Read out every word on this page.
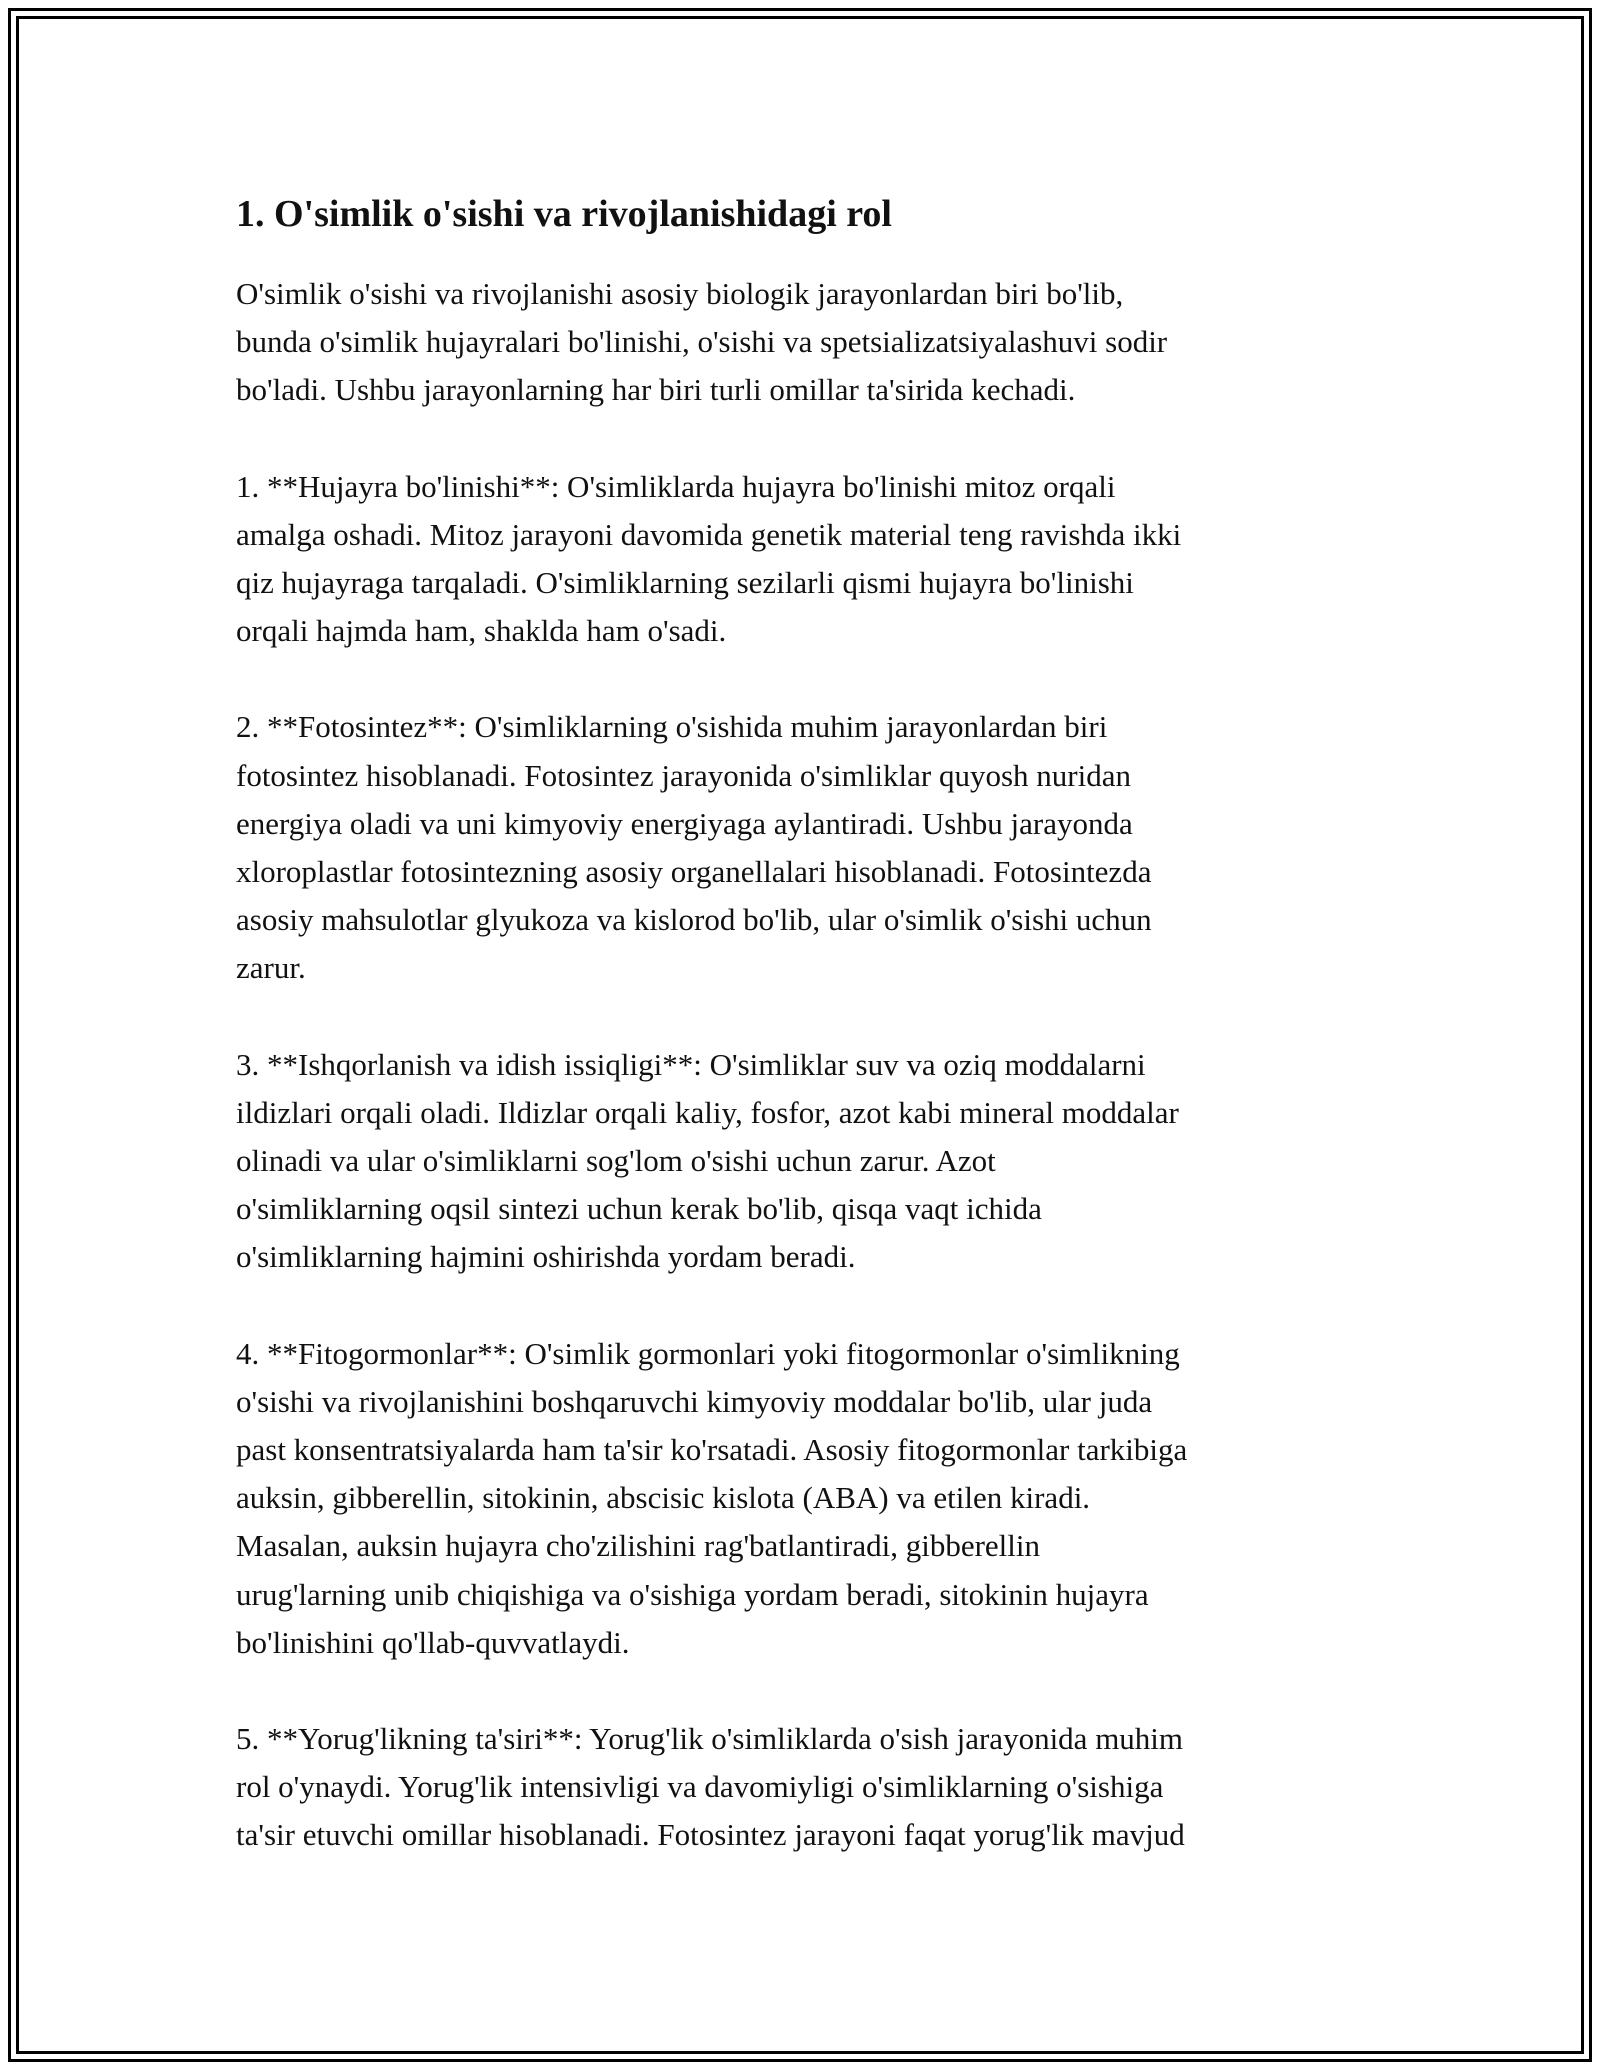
1. O'simlik o'sishi va rivojlanishidagi rol

O'simlik o'sishi va rivojlanishi asosiy biologik jarayonlardan biri bo'lib,
bunda o'simlik hujayralari bo'linishi, o'sishi va spetsializatsiyalashuvi sodir
bo'ladi. Ushbu jarayonlarning har biri turli omillar ta'sirida kechadi.

1. **Hujayra bo'linishi**: O'simliklarda hujayra bo'linishi mitoz orqali
amalga oshadi. Mitoz jarayoni davomida genetik material teng ravishda ikki
qiz hujayraga tarqaladi. O'simliklarning sezilarli qismi hujayra bo'linishi
orqali hajmda ham, shaklda ham o'sadi.

2. **Fotosintez**: O'simliklarning o'sishida muhim jarayonlardan biri
fotosintez hisoblanadi. Fotosintez jarayonida o'simliklar quyosh nuridan
energiya oladi va uni kimyoviy energiyaga aylantiradi. Ushbu jarayonda
xloroplastlar fotosintezning asosiy organellalari hisoblanadi. Fotosintezda
asosiy mahsulotlar glyukoza va kislorod bo'lib, ular o'simlik o'sishi uchun
zarur.

3. **Ishqorlanish va idish issiqligi**: O'simliklar suv va oziq moddalarni
ildizlari orqali oladi. Ildizlar orqali kaliy, fosfor, azot kabi mineral moddalar
olinadi va ular o'simliklarni sog'lom o'sishi uchun zarur. Azot
o'simliklarning oqsil sintezi uchun kerak bo'lib, qisqa vaqt ichida
o'simliklarning hajmini oshirishda yordam beradi.

4. **Fitogormonlar**: O'simlik gormonlari yoki fitogormonlar o'simlikning
o'sishi va rivojlanishini boshqaruvchi kimyoviy moddalar bo'lib, ular juda
past konsentratsiyalarda ham ta'sir ko'rsatadi. Asosiy fitogormonlar tarkibiga
auksin, gibberellin, sitokinin, abscisic kislota (ABA) va etilen kiradi.
Masalan, auksin hujayra cho'zilishini rag'batlantiradi, gibberellin
urug'larning unib chiqishiga va o'sishiga yordam beradi, sitokinin hujayra
bo'linishini qo'llab-quvvatlaydi.

5. **Yorug'likning ta'siri**: Yorug'lik o'simliklarda o'sish jarayonida muhim
rol o'ynaydi. Yorug'lik intensivligi va davomiyligi o'simliklarning o'sishiga
ta'sir etuvchi omillar hisoblanadi. Fotosintez jarayoni faqat yorug'lik mavjud
